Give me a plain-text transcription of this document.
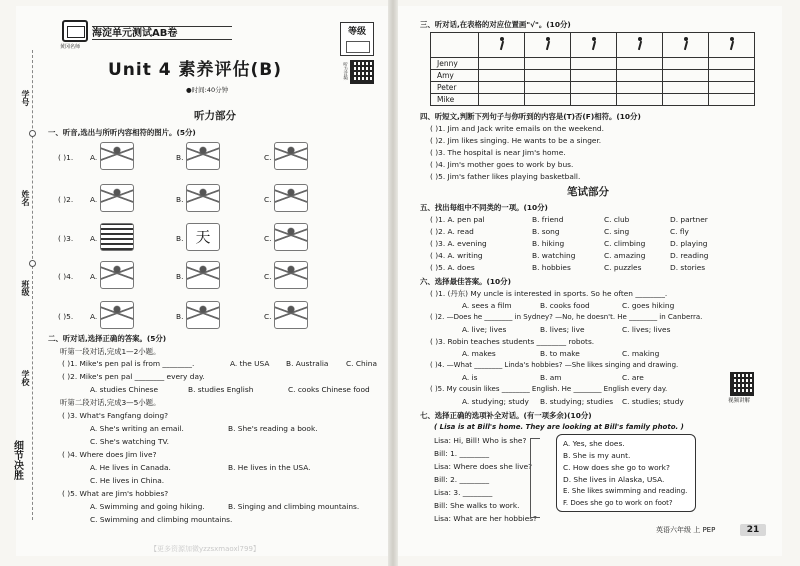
学号
姓名
班级
学校
细节决胜
黄冈名师
海淀单元测试AB卷	等级
听力音频
Unit 4 素养评估(B)
●时间:40分钟
听力部分
一、听音,选出与所听内容相符的图片。(5分)
( )1. A.	B.	C.
( )2. A.	B.	C.
( )3. A.	B. 天	C.
( )4. A.	B.	C.
( )5. A.	B.	C.
二、听对话,选择正确的答案。(5分)
听第一段对话,完成1—2小题。
( )1. Mike's pen pal is from ________.	A. the USA B. Australia C. China
( )2. Mike's pen pal ________ every day.
A. studies Chinese	B. studies English	C. cooks Chinese food
听第二段对话,完成3—5小题。
( )3. What's Fangfang doing?
A. She's writing an email.	B. She's reading a book.
C. She's watching TV.
( )4. Where does Jim live?
A. He lives in Canada.	B. He lives in the USA.
C. He lives in China.
( )5. What are Jim's hobbies?
A. Swimming and going hiking.	B. Singing and climbing mountains.
C. Swimming and climbing mountains.
三、听对话,在表格的对应位置画"√"。(10分)

Jenny						
Amy						
Peter						
Mike						
四、听短文,判断下列句子与你听到的内容是(T)否(F)相符。(10分)
( )1. Jim and Jack write emails on the weekend.
( )2. Jim likes singing. He wants to be a singer.
( )3. The hospital is near Jim's home.
( )4. Jim's mother goes to work by bus.
( )5. Jim's father likes playing basketball.
笔试部分
五、找出每组中不同类的一项。(10分)
( )1. A. pen pal	B. friend	C. club	D. partner
( )2. A. read	B. song	C. sing	C. fly
( )3. A. evening	B. hiking	C. climbing	D. playing
( )4. A. writing	B. watching	C. amazing	D. reading
( )5. A. does	B. hobbies	C. puzzles	D. stories
六、选择最佳答案。(10分)
( )1. (丹东) My uncle is interested in sports. So he often ________.
A. sees a film	B. cooks food	C. goes hiking
( )2. —Does he ________ in Sydney? —No, he doesn't. He ________ in Canberra.
A. live; lives	B. lives; live	C. lives; lives
( )3. Robin teaches students ________ robots.
A. makes	B. to make	C. making
( )4. —What ________ Linda's hobbies? —She likes singing and drawing.
A. is	B. am	C. are
( )5. My cousin likes ________ English. He ________ English every day.
A. studying; study B. studying; studies C. studies; study	视频讲解
七、选择正确的选项补全对话。(有一项多余)(10分)
( Lisa is at Bill's home. They are looking at Bill's family photo. )
Lisa: Hi, Bill! Who is she?
Bill: 1. ________
Lisa: Where does she live?
Bill: 2. ________
Lisa: 3. ________
Bill: She walks to work.
Lisa: What are her hobbies?
A. Yes, she does.
B. She is my aunt.
C. How does she go to work?
D. She lives in Alaska, USA.
E. She likes swimming and reading.
F. Does she go to work on foot?
英语六年级 上 PEP	21
【更多资源加微yzzsxmaoxl799】
